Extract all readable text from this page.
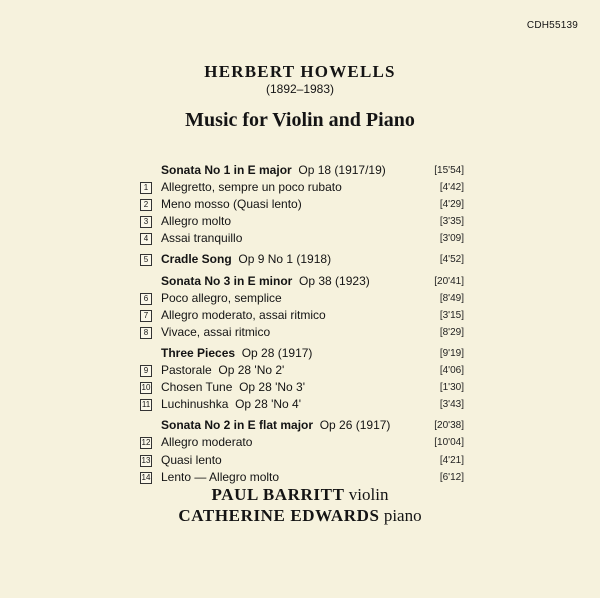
CDH55139
HERBERT HOWELLS
(1892–1983)
Music for Violin and Piano
Sonata No 1 in E major Op 18 (1917/19)	[15'54]
1	Allegretto, sempre un poco rubato	[4'42]
2	Meno mosso (Quasi lento)	[4'29]
3	Allegro molto	[3'35]
4	Assai tranquillo	[3'09]
5	Cradle Song Op 9 No 1 (1918)	[4'52]
Sonata No 3 in E minor Op 38 (1923)	[20'41]
6	Poco allegro, semplice	[8'49]
7	Allegro moderato, assai ritmico	[3'15]
8	Vivace, assai ritmico	[8'29]
Three Pieces Op 28 (1917)	[9'19]
9	Pastorale Op 28 'No 2'	[4'06]
10 Chosen Tune Op 28 'No 3'	[1'30]
11 Luchinushka Op 28 'No 4'	[3'43]
Sonata No 2 in E flat major Op 26 (1917)	[20'38]
12 Allegro moderato	[10'04]
13 Quasi lento	[4'21]
14 Lento — Allegro molto	[6'12]
PAUL BARRITT violin
CATHERINE EDWARDS piano
